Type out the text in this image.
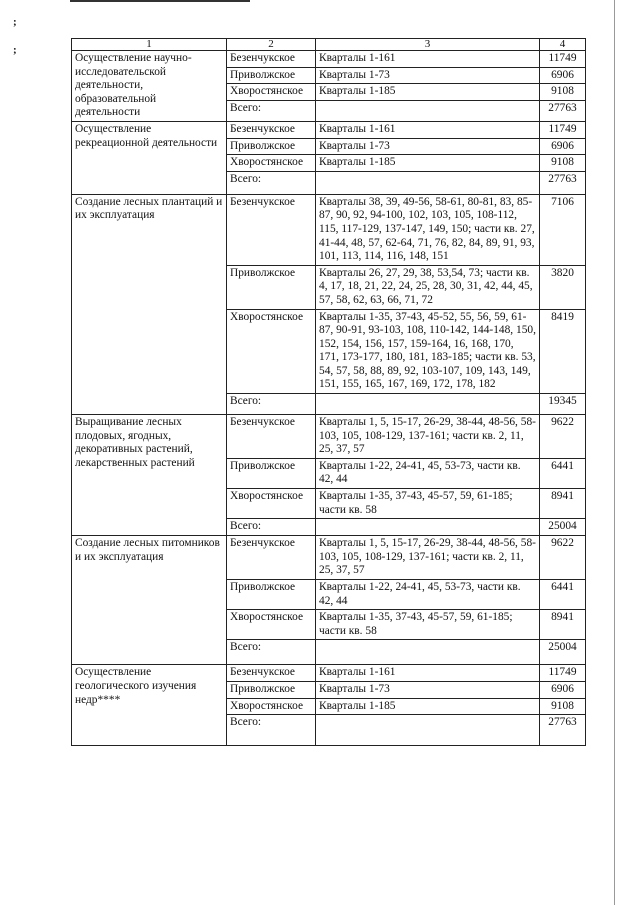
;
;	1	2	3	4
Осуществление научно-исследовательской деятельности, образовательной деятельности	Безенчукское	Кварталы 1-161	11749
	Приволжское	Кварталы 1-73	6906
	Хворостянское	Кварталы 1-185	9108
	Всего:		27763
Осуществление рекреационной деятельности	Безенчукское	Кварталы 1-161	11749
	Приволжское	Кварталы 1-73	6906
	Хворостянское	Кварталы 1-185	9108
	Всего:		27763
Создание лесных плантаций и их эксплуатация	Безенчукское	Кварталы 38, 39, 49-56, 58-61, 80-81, 83, 85-87, 90, 92, 94-100, 102, 103, 105, 108-112, 115, 117-129, 137-147, 149, 150; части кв. 27, 41-44, 48, 57, 62-64, 71, 76, 82, 84, 89, 91, 93, 101, 113, 114, 116, 148, 151	7106
	Приволжское	Кварталы 26, 27, 29, 38, 53,54, 73; части кв. 4, 17, 18, 21, 22, 24, 25, 28, 30, 31, 42, 44, 45, 57, 58, 62, 63, 66, 71, 72	3820
	Хворостянское	Кварталы 1-35, 37-43, 45-52, 55, 56, 59, 61-87, 90-91, 93-103, 108, 110-142, 144-148, 150, 152, 154, 156, 157, 159-164, 16, 168, 170, 171, 173-177, 180, 181, 183-185; части кв. 53, 54, 57, 58, 88, 89, 92, 103-107, 109, 143, 149, 151, 155, 165, 167, 169, 172, 178, 182	8419
	Всего:		19345
Выращивание лесных плодовых, ягодных, декоративных растений, лекарственных растений	Безенчукское	Кварталы 1, 5, 15-17, 26-29, 38-44, 48-56, 58-103, 105, 108-129, 137-161; части кв. 2, 11, 25, 37, 57	9622
	Приволжское	Кварталы 1-22, 24-41, 45, 53-73, части кв. 42, 44	6441
	Хворостянское	Кварталы 1-35, 37-43, 45-57, 59, 61-185; части кв. 58	8941
	Всего:		25004
Создание лесных питомников и их эксплуатация	Безенчукское	Кварталы 1, 5, 15-17, 26-29, 38-44, 48-56, 58-103, 105, 108-129, 137-161; части кв. 2, 11, 25, 37, 57	9622
	Приволжское	Кварталы 1-22, 24-41, 45, 53-73, части кв. 42, 44	6441
	Хворостянское	Кварталы 1-35, 37-43, 45-57, 59, 61-185; части кв. 58	8941
	Всего:		25004
Осуществление геологического изучения недр****	Безенчукское	Кварталы 1-161	11749
	Приволжское	Кварталы 1-73	6906
	Хворостянское	Кварталы 1-185	9108
	Всего:		27763
